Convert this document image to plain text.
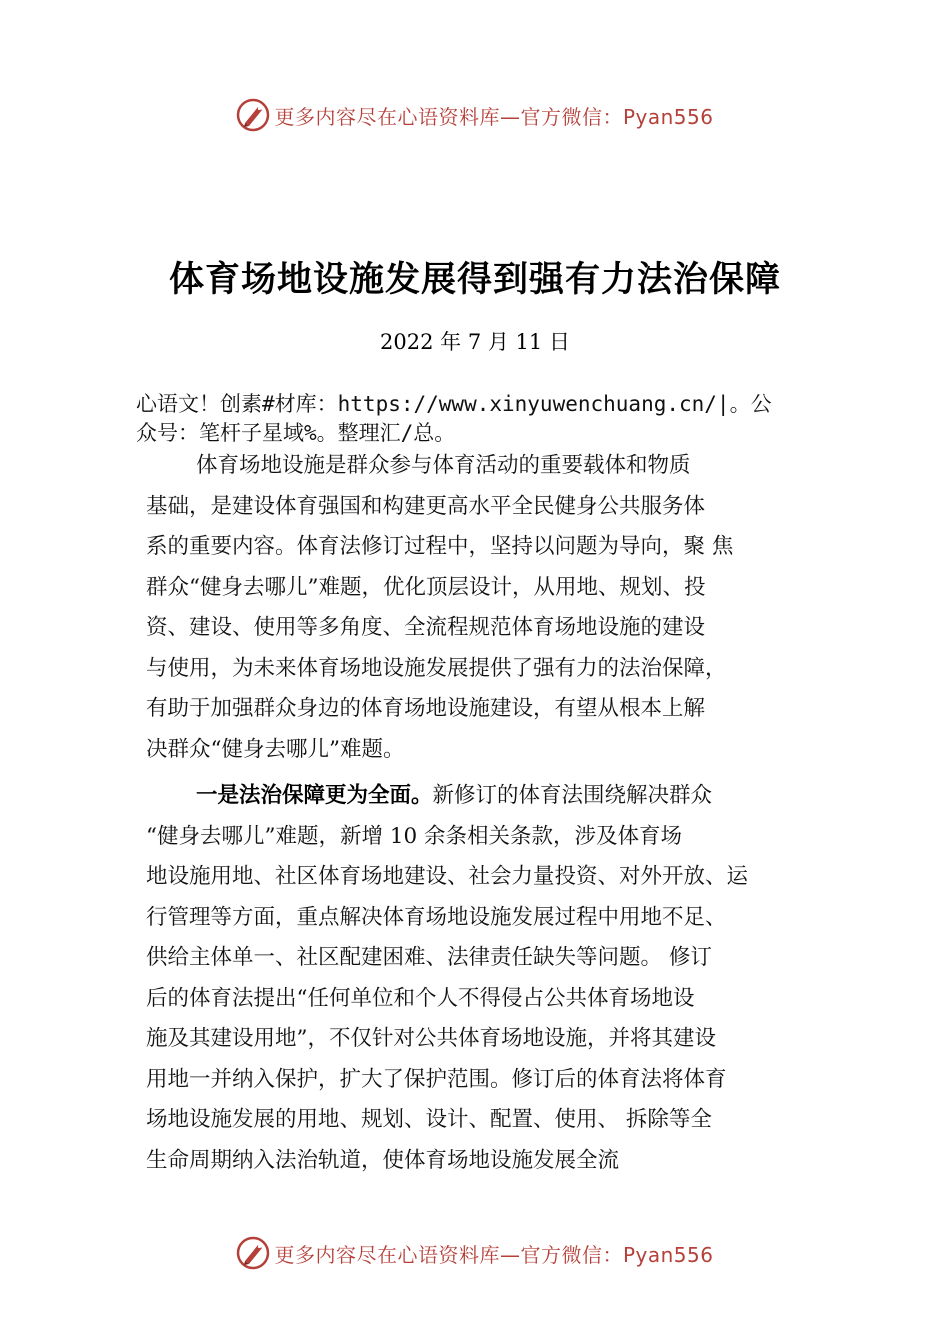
更多内容尽在心语资料库—官方微信：Pyan556
体育场地设施发展得到强有力法治保障
2022 年 7 月 11 日
心语文！创素#材库：https://www.xinyuwenchuang.cn/|。公
众号：笔杆子星域%。整理汇/总。
体育场地设施是群众参与体育活动的重要载体和物质
基础，是建设体育强国和构建更高水平全民健身公共服务体
系的重要内容。体育法修订过程中，坚持以问题为导向，聚 焦
群众“健身去哪儿”难题，优化顶层设计，从用地、规划、投
资、建设、使用等多角度、全流程规范体育场地设施的建设
与使用，为未来体育场地设施发展提供了强有力的法治保障，
有助于加强群众身边的体育场地设施建设，有望从根本上解
决群众“健身去哪儿”难题。
一是法治保障更为全面。新修订的体育法围绕解决群众
“健身去哪儿”难题，新增 10 余条相关条款，涉及体育场
地设施用地、社区体育场地建设、社会力量投资、对外开放、运
行管理等方面，重点解决体育场地设施发展过程中用地不足、
供给主体单一、社区配建困难、法律责任缺失等问题。 修订
后的体育法提出“任何单位和个人不得侵占公共体育场地设
施及其建设用地”，不仅针对公共体育场地设施，并将其建设
用地一并纳入保护，扩大了保护范围。修订后的体育法将体育
场地设施发展的用地、规划、设计、配置、使用、 拆除等全
生命周期纳入法治轨道，使体育场地设施发展全流
更多内容尽在心语资料库—官方微信：Pyan556
